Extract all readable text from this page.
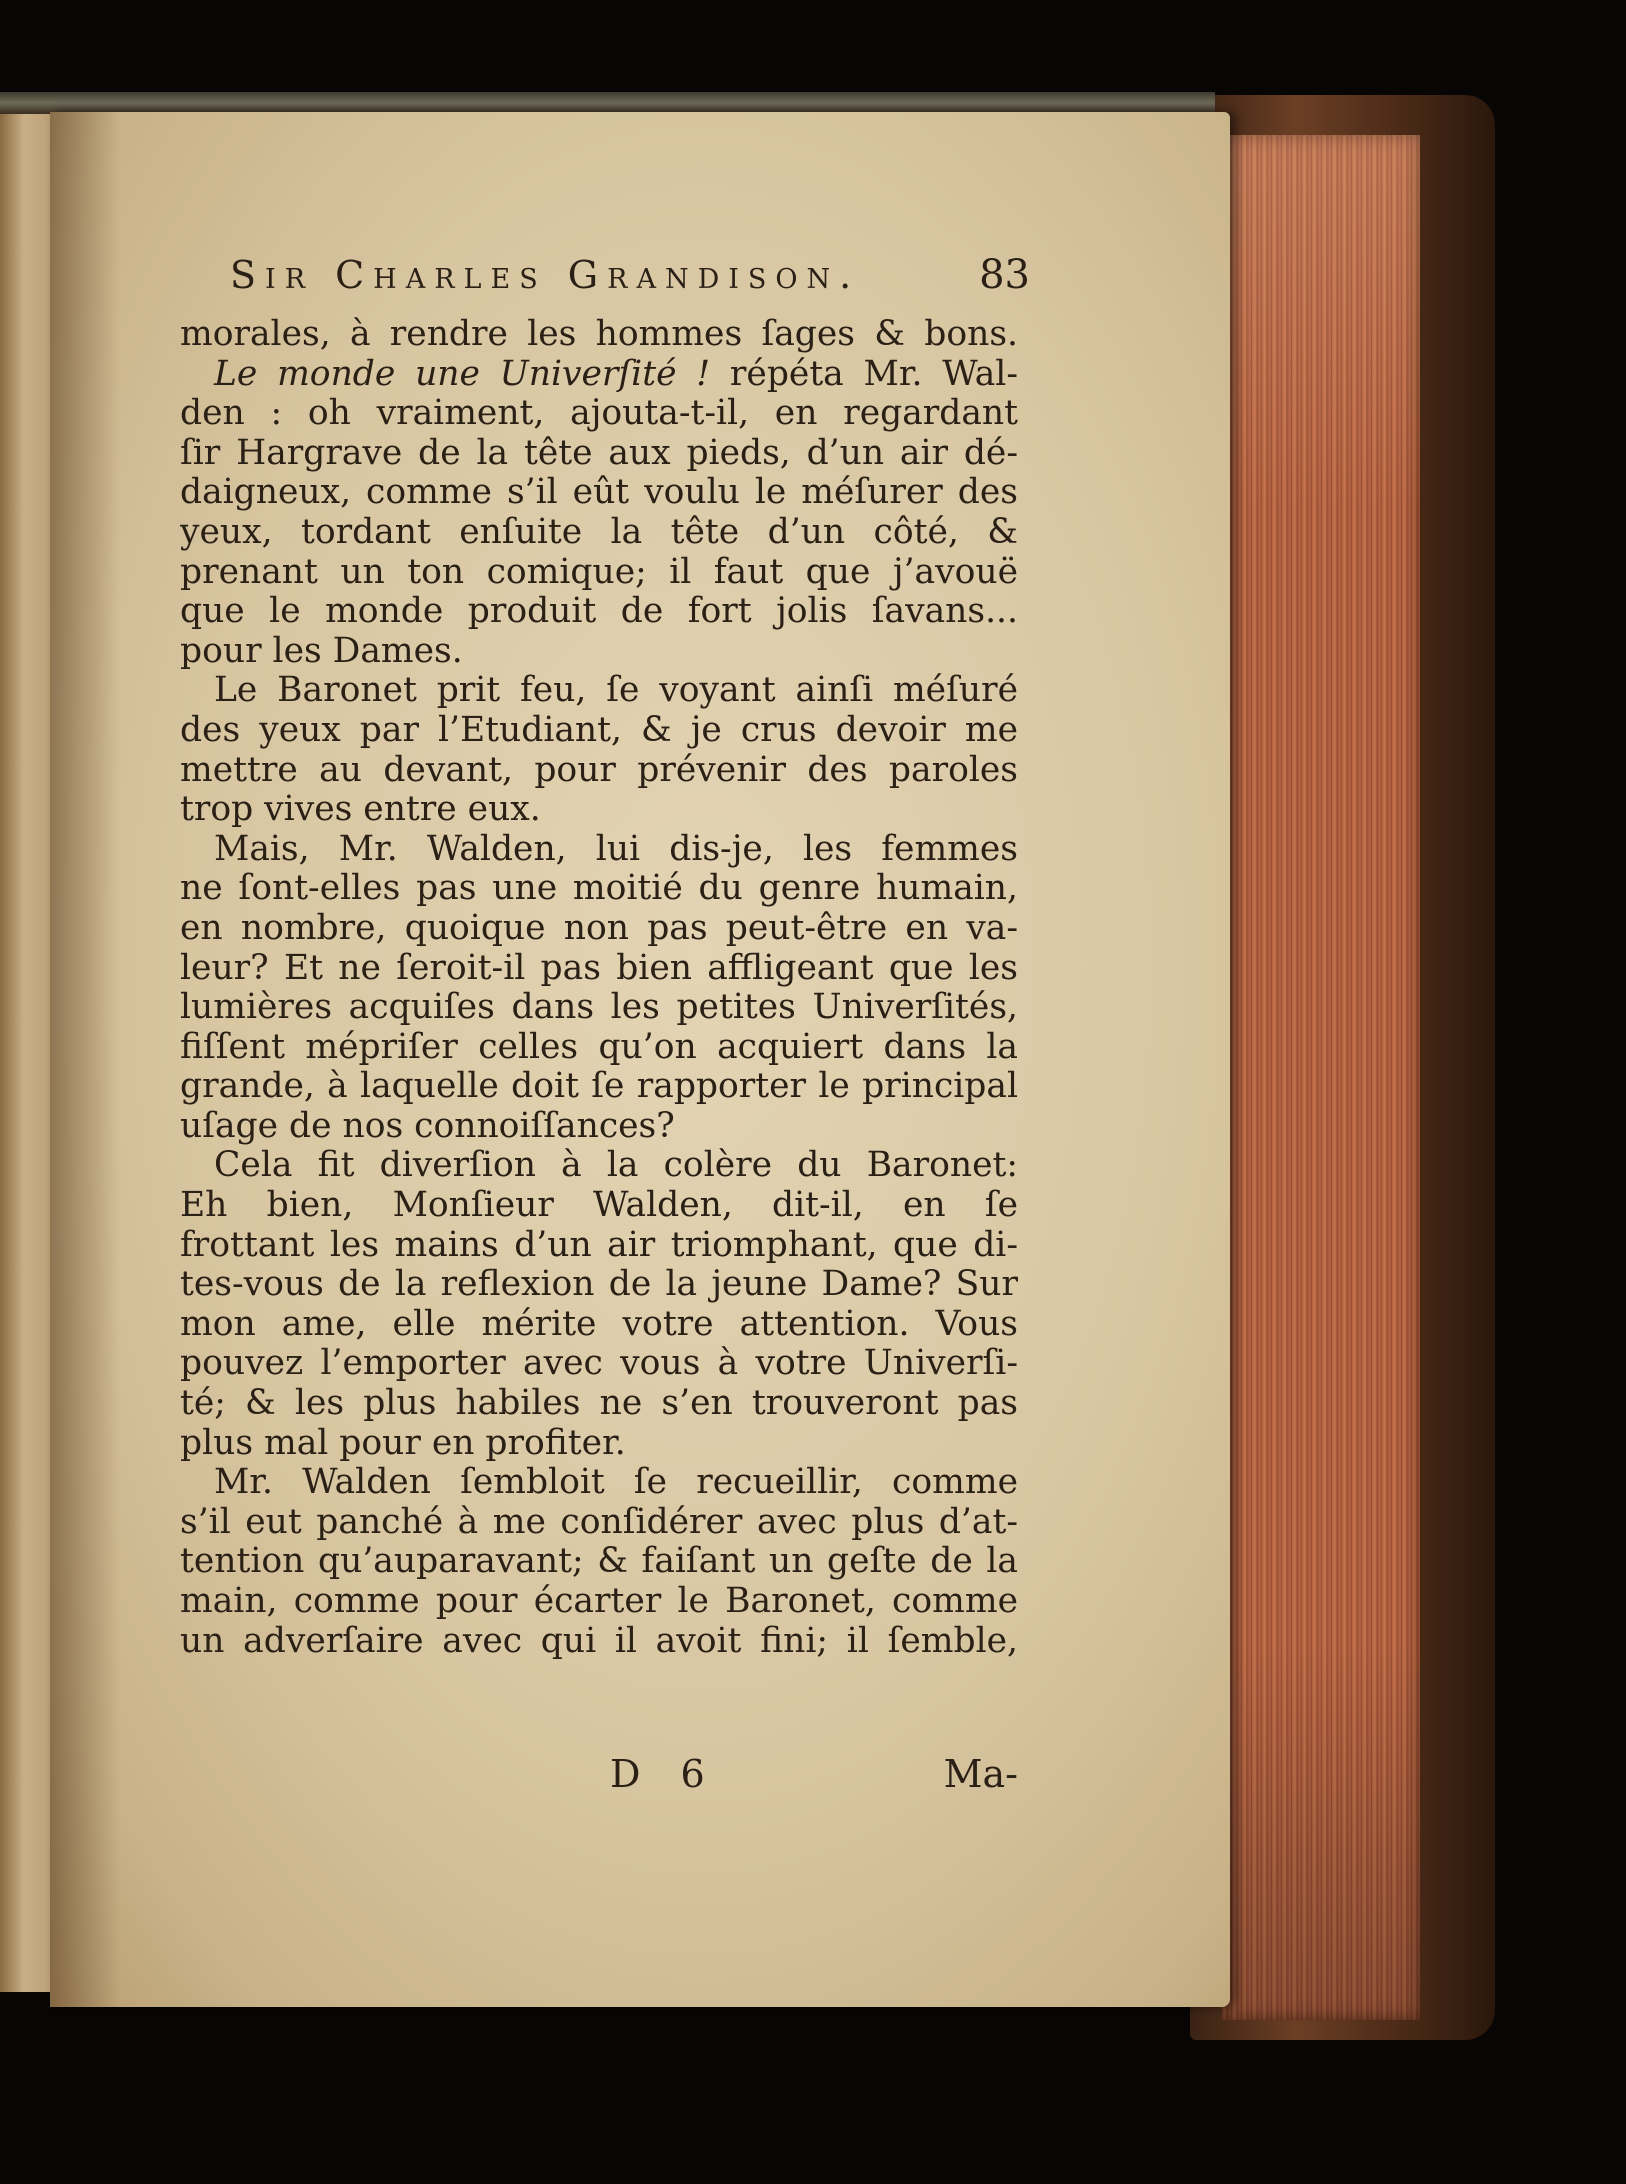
Sir Charles Grandison.	83
morales, à rendre les hommes ſages & bons.
Le monde une Univerſité ! répéta Mr. Wal-
den : oh vraiment, ajouta-t-il, en regardant
ſir Hargrave de la tête aux pieds, d’un air dé-
daigneux, comme s’il eût voulu le méſurer des
yeux, tordant enſuite la tête d’un côté, &
prenant un ton comique; il faut que j’avouë
que le monde produit de fort jolis ſavans...
pour les Dames.
Le Baronet prit feu, ſe voyant ainſi méſuré
des yeux par l’Etudiant, & je crus devoir me
mettre au devant, pour prévenir des paroles
trop vives entre eux.
Mais, Mr. Walden, lui dis-je, les femmes
ne ſont-elles pas une moitié du genre humain,
en nombre, quoique non pas peut-être en va-
leur? Et ne ſeroit-il pas bien affligeant que les
lumières acquiſes dans les petites Univerſités,
fiſſent mépriſer celles qu’on acquiert dans la
grande, à laquelle doit ſe rapporter le principal
uſage de nos connoiſſances?
Cela fit diverſion à la colère du Baronet:
Eh bien, Monſieur Walden, dit-il, en ſe
frottant les mains d’un air triomphant, que di-
tes-vous de la reflexion de la jeune Dame? Sur
mon ame, elle mérite votre attention. Vous
pouvez l’emporter avec vous à votre Univerſi-
té; & les plus habiles ne s’en trouveront pas
plus mal pour en profiter.
Mr. Walden ſembloit ſe recueillir, comme
s’il eut panché à me conſidérer avec plus d’at-
tention qu’auparavant; & faiſant un geſte de la
main, comme pour écarter le Baronet, comme
un adverſaire avec qui il avoit fini; il ſemble,
D 6	Ma-
